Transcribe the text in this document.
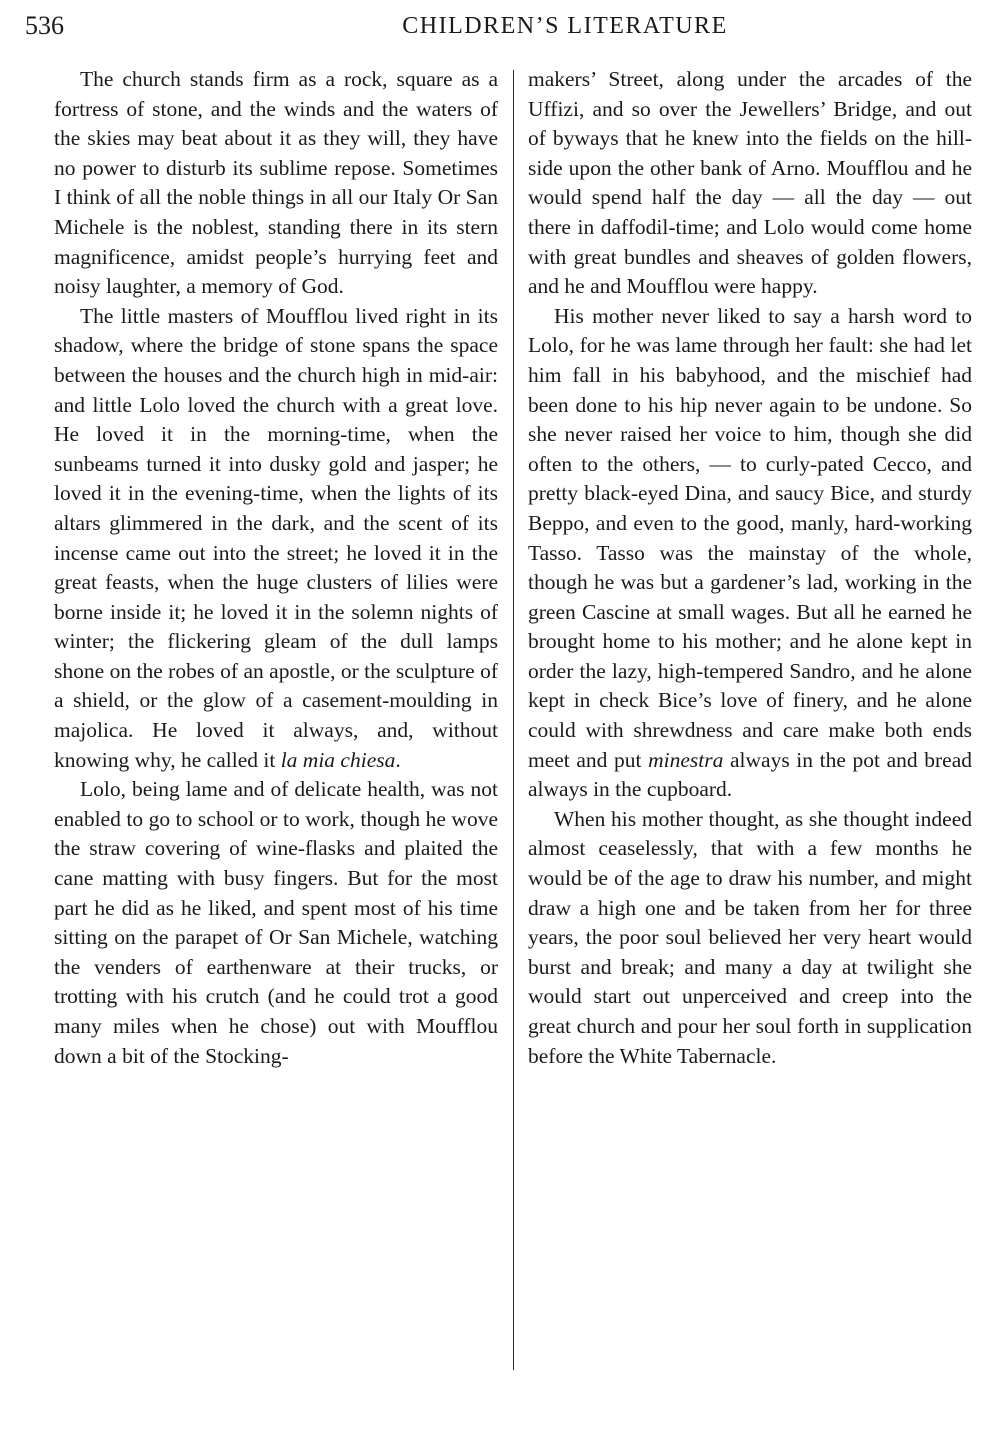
536	CHILDREN’S LITERATURE

The church stands firm as a rock, square as a fortress of stone, and the winds and the waters of the skies may beat about it as they will, they have no power to disturb its sublime repose. Sometimes I think of all the noble things in all our Italy Or San Michele is the noblest, standing there in its stern magnificence, amidst people’s hurrying feet and noisy laughter, a memory of God.

The little masters of Moufflou lived right in its shadow, where the bridge of stone spans the space between the houses and the church high in mid-air: and little Lolo loved the church with a great love. He loved it in the morning-time, when the sunbeams turned it into dusky gold and jasper; he loved it in the evening-time, when the lights of its altars glimmered in the dark, and the scent of its incense came out into the street; he loved it in the great feasts, when the huge clusters of lilies were borne inside it; he loved it in the solemn nights of winter; the flickering gleam of the dull lamps shone on the robes of an apostle, or the sculpture of a shield, or the glow of a casement-moulding in majolica. He loved it always, and, without knowing why, he called it la mia chiesa.

Lolo, being lame and of delicate health, was not enabled to go to school or to work, though he wove the straw covering of wine-flasks and plaited the cane matting with busy fingers. But for the most part he did as he liked, and spent most of his time sitting on the parapet of Or San Michele, watching the venders of earthenware at their trucks, or trotting with his crutch (and he could trot a good many miles when he chose) out with Moufflou down a bit of the Stocking-

makers’ Street, along under the arcades of the Uffizi, and so over the Jewellers’ Bridge, and out of byways that he knew into the fields on the hill-side upon the other bank of Arno. Moufflou and he would spend half the day — all the day — out there in daffodil-time; and Lolo would come home with great bundles and sheaves of golden flowers, and he and Moufflou were happy.

His mother never liked to say a harsh word to Lolo, for he was lame through her fault: she had let him fall in his babyhood, and the mischief had been done to his hip never again to be undone. So she never raised her voice to him, though she did often to the others, — to curly-pated Cecco, and pretty black-eyed Dina, and saucy Bice, and sturdy Beppo, and even to the good, manly, hard-working Tasso. Tasso was the mainstay of the whole, though he was but a gardener’s lad, working in the green Cascine at small wages. But all he earned he brought home to his mother; and he alone kept in order the lazy, high-tempered Sandro, and he alone kept in check Bice’s love of finery, and he alone could with shrewdness and care make both ends meet and put minestra always in the pot and bread always in the cupboard.

When his mother thought, as she thought indeed almost ceaselessly, that with a few months he would be of the age to draw his number, and might draw a high one and be taken from her for three years, the poor soul believed her very heart would burst and break; and many a day at twilight she would start out unperceived and creep into the great church and pour her soul forth in supplication before the White Tabernacle.
